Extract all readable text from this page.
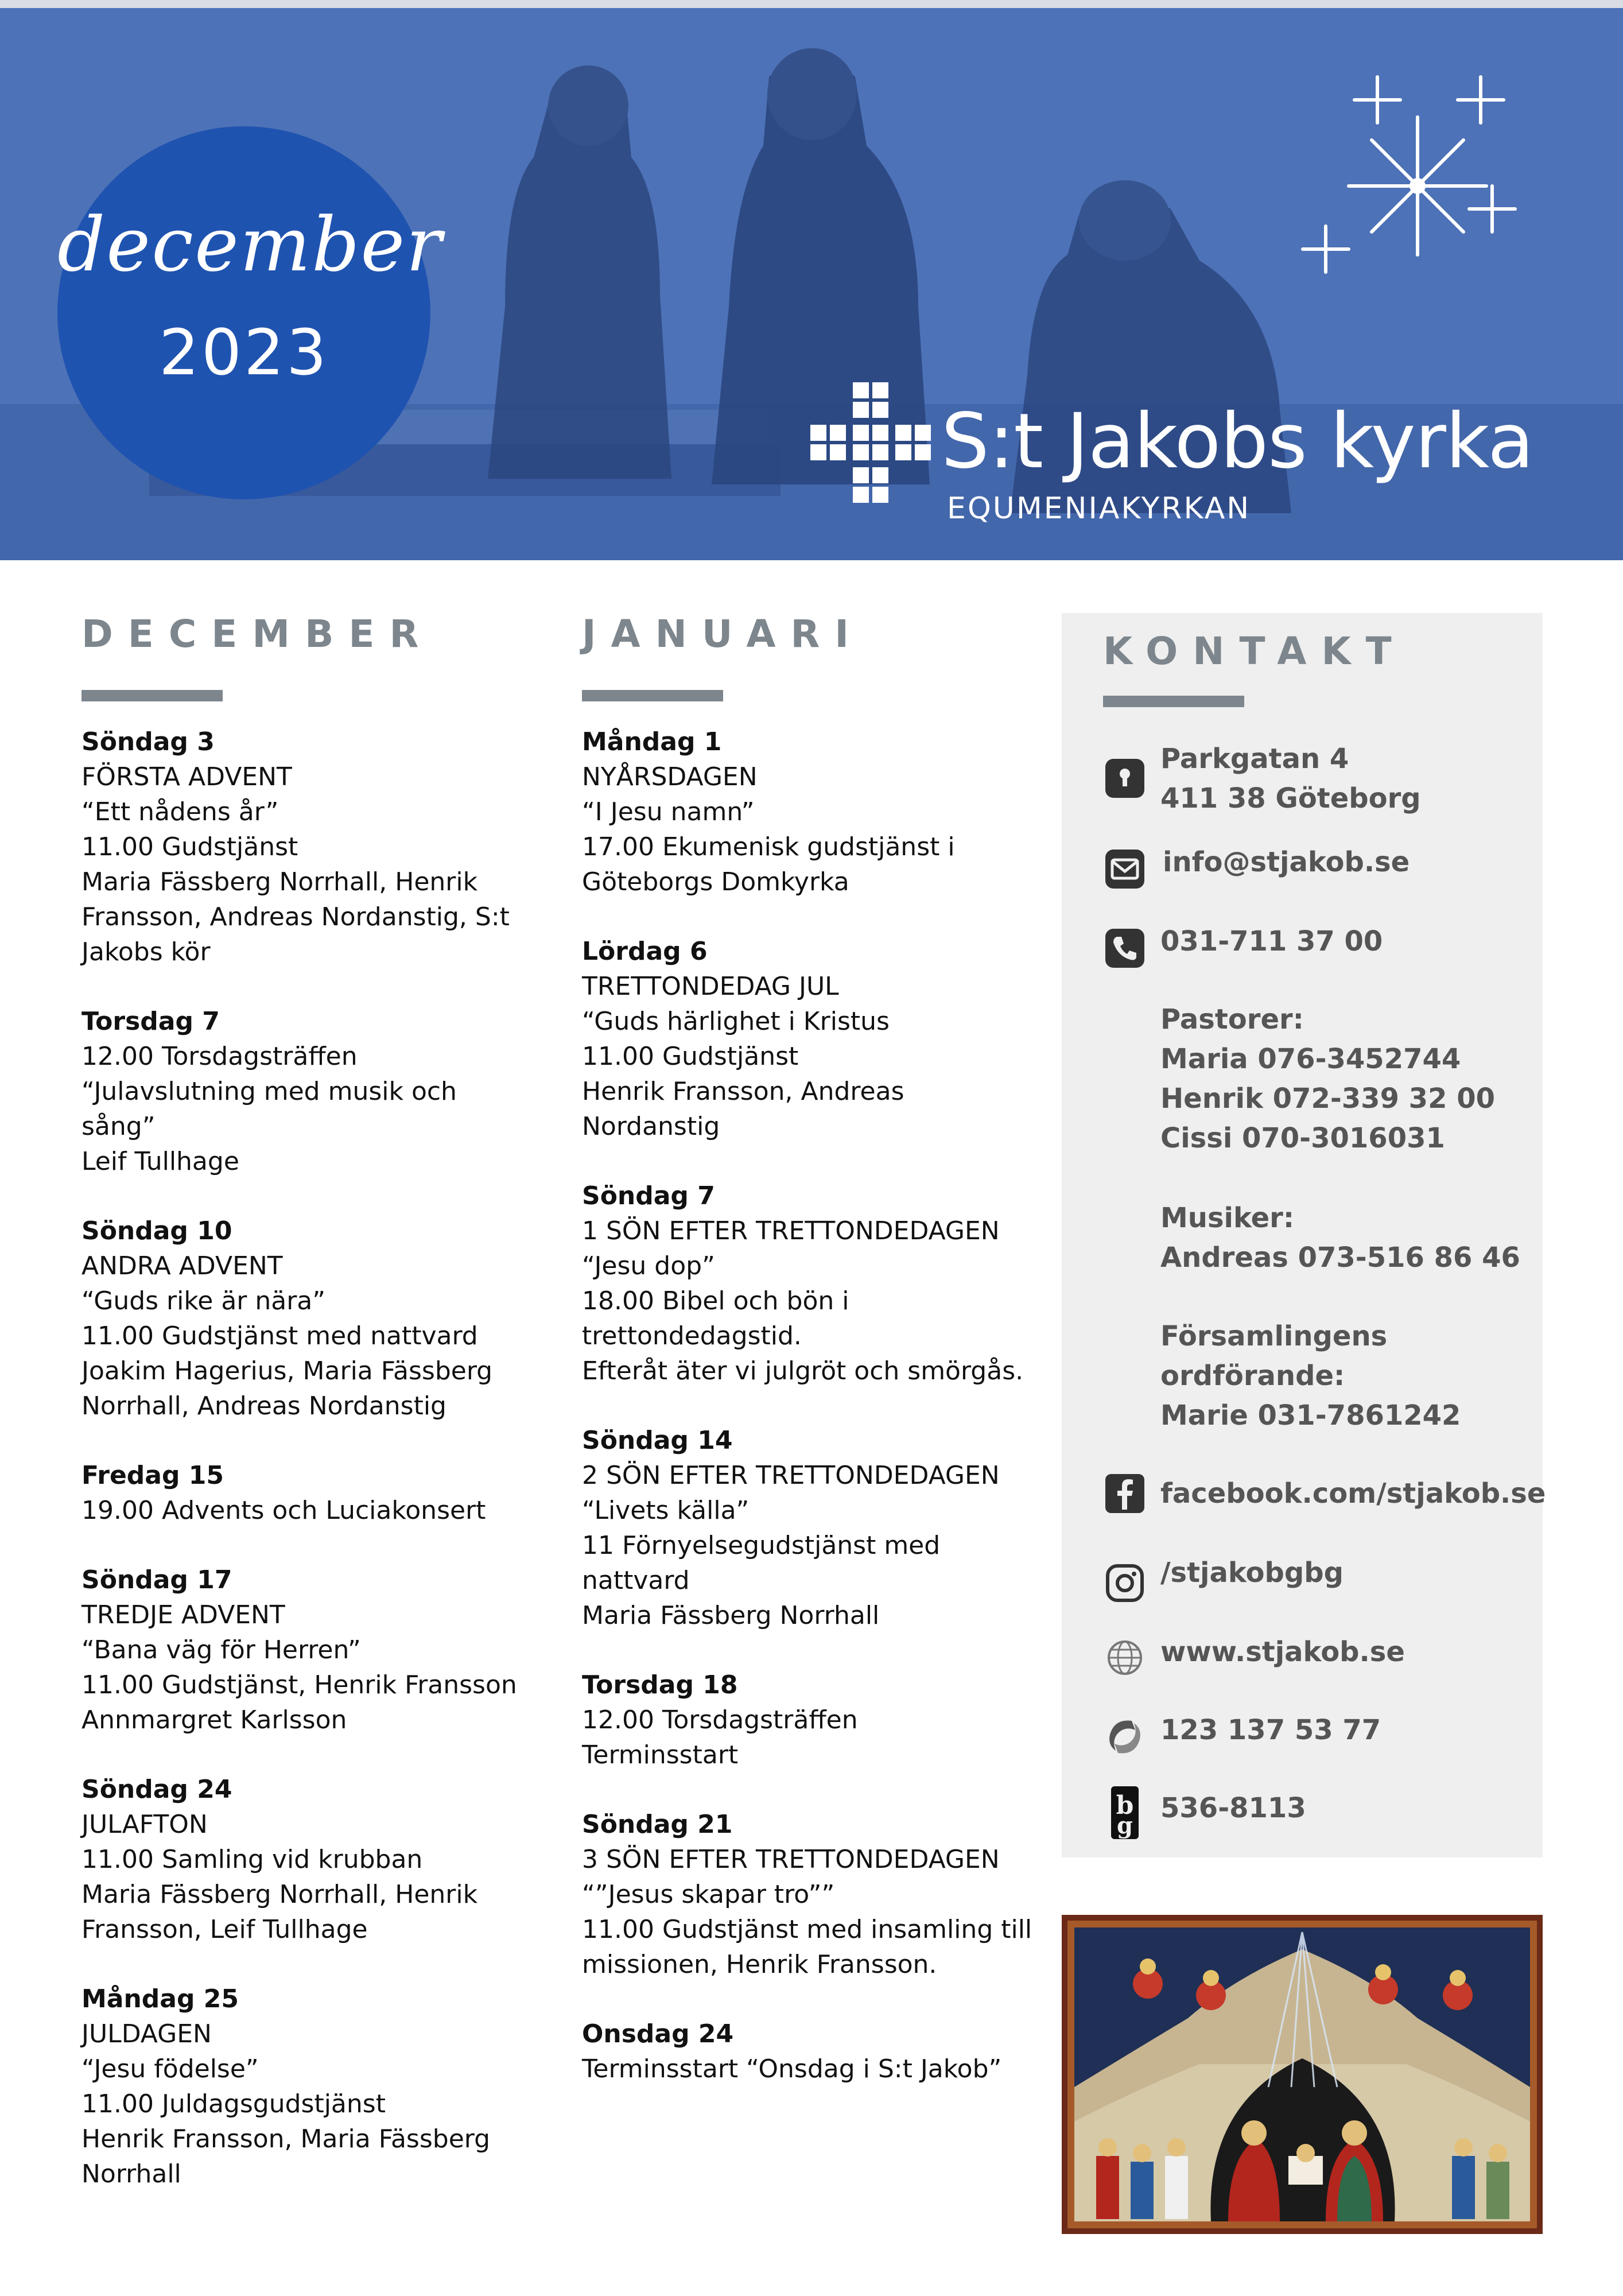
december
2023
S:t Jakobs kyrka
EQUMENIAKYRKAN
DECEMBER
Söndag 3
FÖRSTA ADVENT
“Ett nådens år”
11.00 Gudstjänst
Maria Fässberg Norrhall, Henrik
Fransson, Andreas Nordanstig, S:t
Jakobs kör
Torsdag 7
12.00 Torsdagsträffen
“Julavslutning med musik och
sång”
Leif Tullhage
Söndag 10
ANDRA ADVENT
“Guds rike är nära”
11.00 Gudstjänst med nattvard
Joakim Hagerius, Maria Fässberg
Norrhall, Andreas Nordanstig
Fredag 15
19.00 Advents och Luciakonsert
Söndag 17
TREDJE ADVENT
“Bana väg för Herren”
11.00 Gudstjänst, Henrik Fransson
Annmargret Karlsson
Söndag 24
JULAFTON
11.00 Samling vid krubban
Maria Fässberg Norrhall, Henrik
Fransson, Leif Tullhage
Måndag 25
JULDAGEN
“Jesu födelse”
11.00 Juldagsgudstjänst
Henrik Fransson, Maria Fässberg
Norrhall
JANUARI
Måndag 1
NYÅRSDAGEN
“I Jesu namn”
17.00 Ekumenisk gudstjänst i
Göteborgs Domkyrka
Lördag 6
TRETTONDEDAG JUL
“Guds härlighet i Kristus
11.00 Gudstjänst
Henrik Fransson, Andreas
Nordanstig
Söndag 7
1 SÖN EFTER TRETTONDEDAGEN
“Jesu dop”
18.00 Bibel och bön i
trettondedagstid.
Efteråt äter vi julgröt och smörgås.
Söndag 14
2 SÖN EFTER TRETTONDEDAGEN
“Livets källa”
11 Förnyelsegudstjänst med
nattvard
Maria Fässberg Norrhall
Torsdag 18
12.00 Torsdagsträffen
Terminsstart
Söndag 21
3 SÖN EFTER TRETTONDEDAGEN
“”Jesus skapar tro””
11.00 Gudstjänst med insamling till
missionen, Henrik Fransson.
Onsdag 24
Terminsstart “Onsdag i S:t Jakob”
KONTAKT
Parkgatan 4
411 38 Göteborg
info@stjakob.se
031-711 37 00
Pastorer:
Maria 076-3452744
Henrik 072-339 32 00
Cissi 070-3016031
Musiker:
Andreas 073-516 86 46
Församlingens
ordförande:
Marie 031-7861242
facebook.com/stjakob.se
/stjakobgbg
www.stjakob.se
123 137 53 77
b
g
536-8113
